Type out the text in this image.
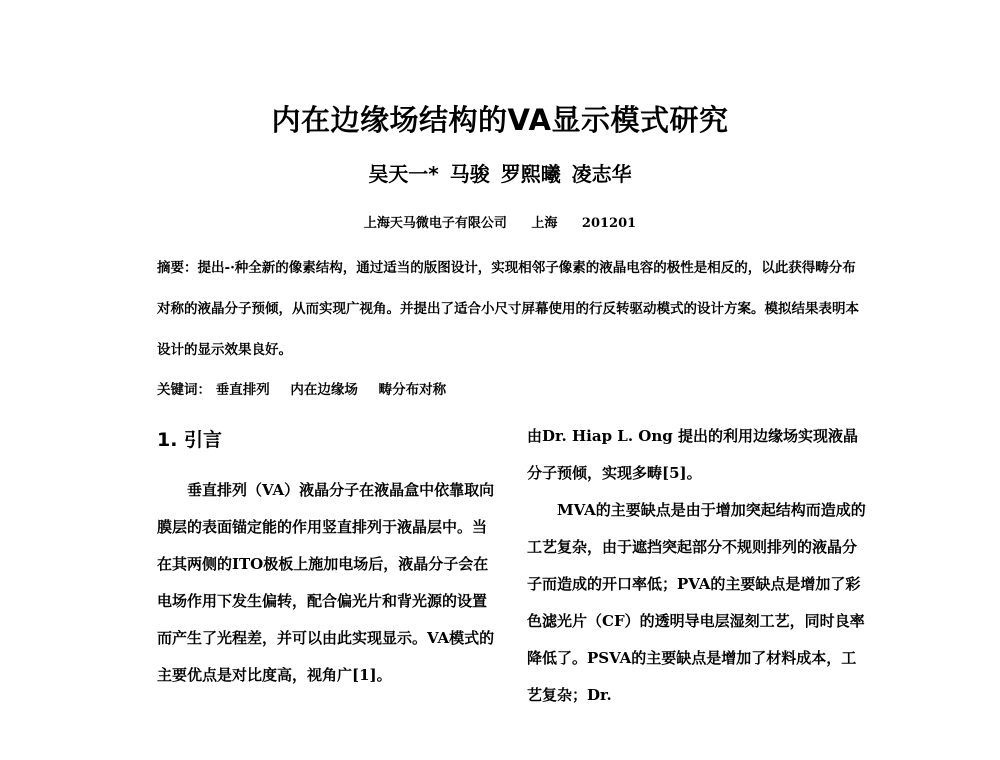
内在边缘场结构的VA显示模式研究
吴天一* 马骏 罗熙曦 凌志华
上海天马微电子有限公司 上海 201201
摘要：提出-·种全新的像素结构，通过适当的版图设计，实现相邻子像素的液晶电容的极性是相反的，以此获得畴分布对称的液晶分子预倾，从而实现广视角。并提出了适合小尺寸屏幕使用的行反转驱动模式的设计方案。模拟结果表明本设计的显示效果良好。
关键词： 垂直排列 内在边缘场 畴分布对称
1. 引言

垂直排列（VA）液晶分子在液晶盒中依靠取向膜层的表面锚定能的作用竖直排列于液晶层中。当在其两侧的ITO极板上施加电场后，液晶分子会在电场作用下发生偏转，配合偏光片和背光源的设置而产生了光程差，并可以由此实现显示。VA模式的主要优点是对比度高，视角广[1]。

由Dr. Hiap L. Ong 提出的利用边缘场实现液晶分子预倾，实现多畴[5]。

MVA的主要缺点是由于增加突起结构而造成的工艺复杂，由于遮挡突起部分不规则排列的液晶分子而造成的开口率低；PVA的主要缺点是增加了彩色滤光片（CF）的透明导电层湿刻工艺，同时良率降低了。PSVA的主要缺点是增加了材料成本，工艺复杂；Dr.
